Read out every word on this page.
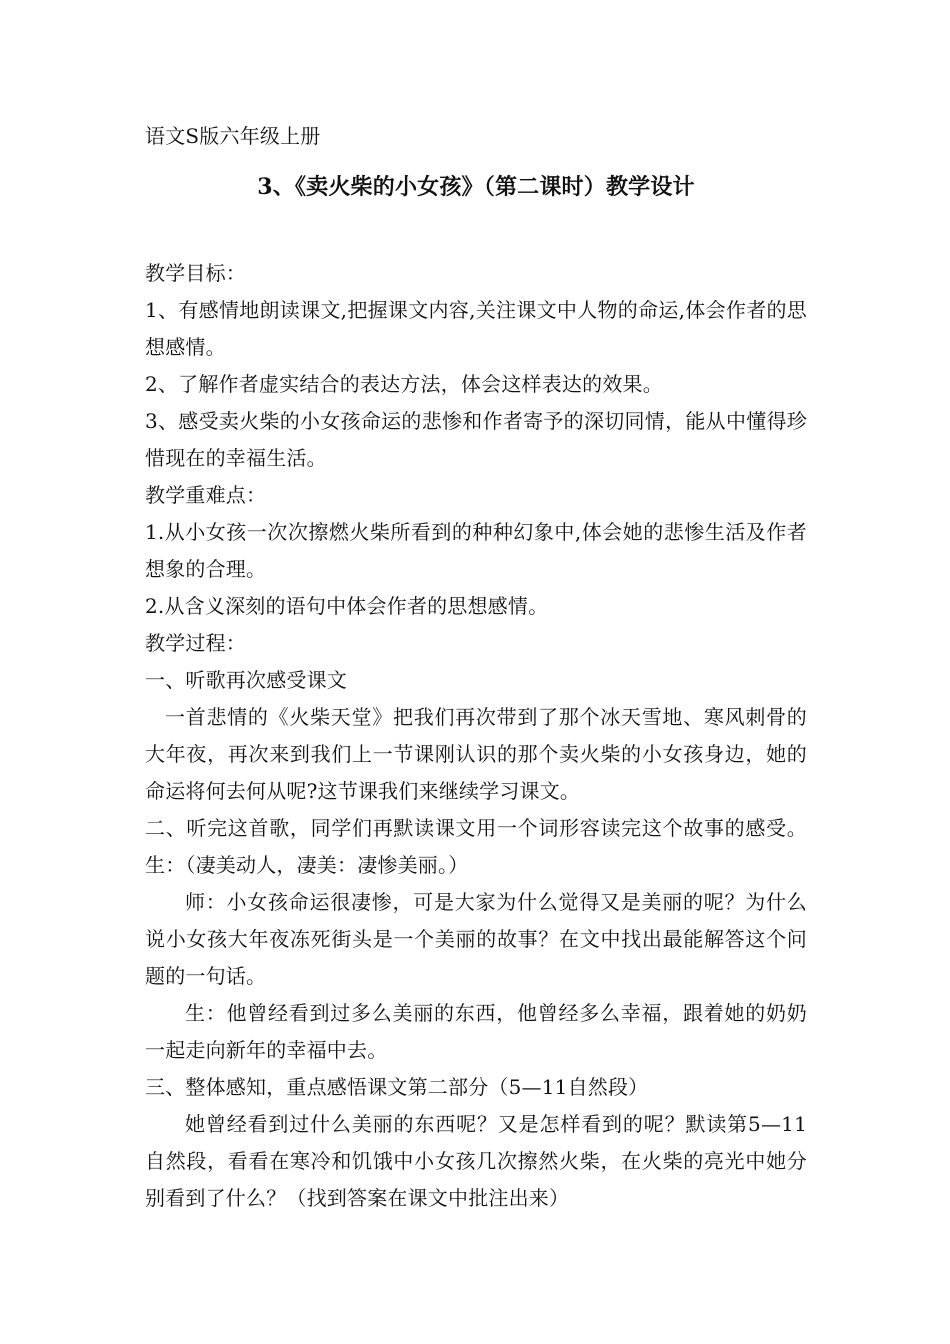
语文S版六年级上册

3、《卖火柴的小女孩》（第二课时）教学设计

教学目标：

1、有感情地朗读课文,把握课文内容,关注课文中人物的命运,体会作者的思想感情。

2、了解作者虚实结合的表达方法，体会这样表达的效果。

3、感受卖火柴的小女孩命运的悲惨和作者寄予的深切同情，能从中懂得珍惜现在的幸福生活。

教学重难点：

1.从小女孩一次次擦燃火柴所看到的种种幻象中,体会她的悲惨生活及作者想象的合理。

2.从含义深刻的语句中体会作者的思想感情。

教学过程：

一、听歌再次感受课文

一首悲情的《火柴天堂》把我们再次带到了那个冰天雪地、寒风刺骨的大年夜，再次来到我们上一节课刚认识的那个卖火柴的小女孩身边，她的命运将何去何从呢?这节课我们来继续学习课文。

二、听完这首歌，同学们再默读课文用一个词形容读完这个故事的感受。生：（凄美动人，凄美：凄惨美丽。）

师：小女孩命运很凄惨，可是大家为什么觉得又是美丽的呢？为什么说小女孩大年夜冻死街头是一个美丽的故事？在文中找出最能解答这个问题的一句话。

生：他曾经看到过多么美丽的东西，他曾经多么幸福，跟着她的奶奶一起走向新年的幸福中去。

三、整体感知，重点感悟课文第二部分（5—11自然段）

她曾经看到过什么美丽的东西呢？又是怎样看到的呢？默读第5—11自然段，看看在寒冷和饥饿中小女孩几次擦然火柴，在火柴的亮光中她分别看到了什么？（找到答案在课文中批注出来）
